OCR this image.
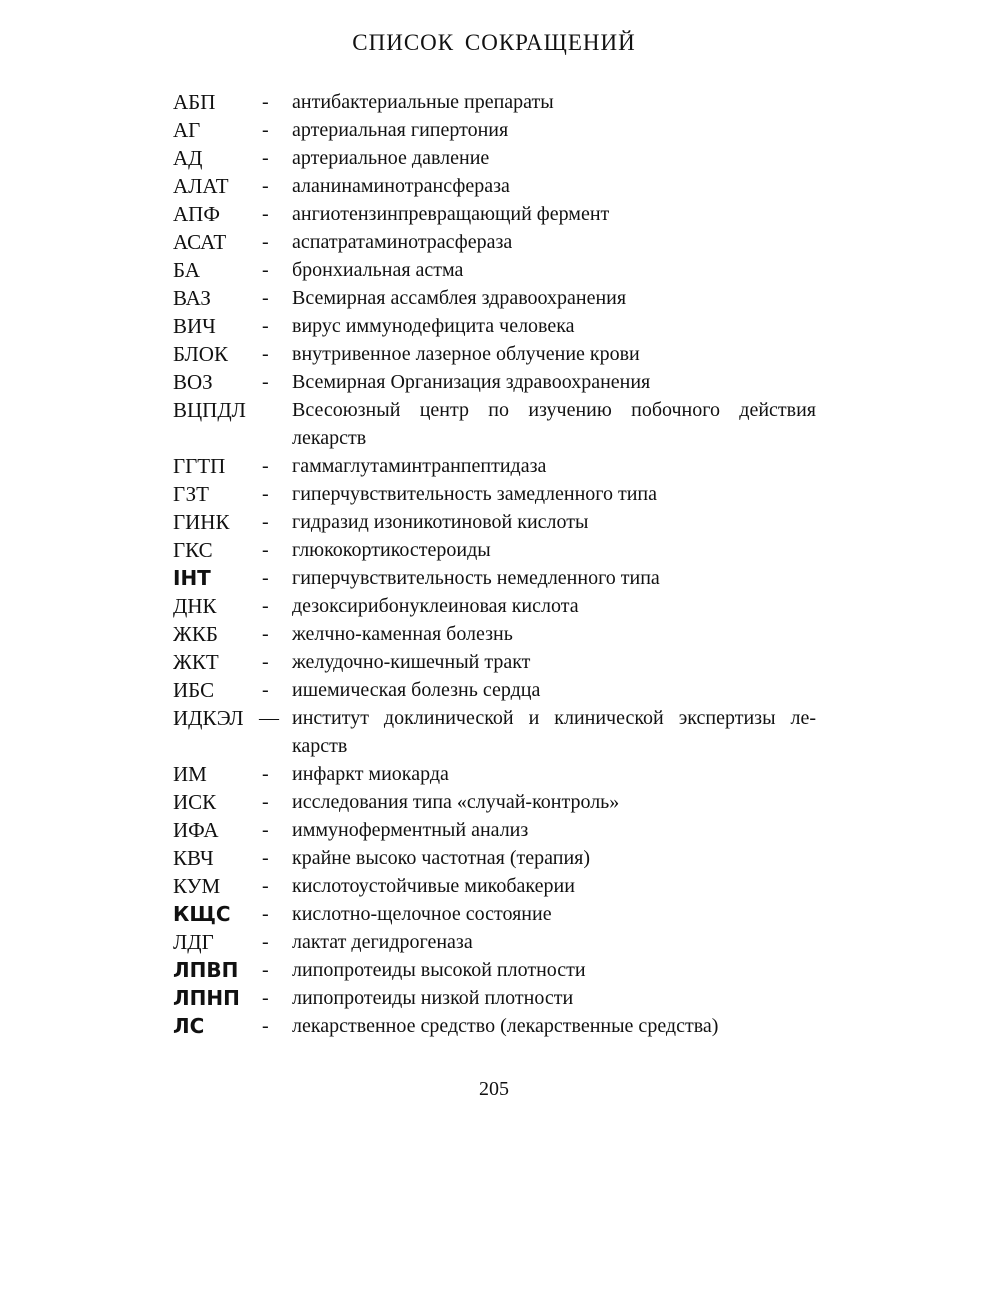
СПИСОК СОКРАЩЕНИЙ
АБП	- антибактериальные препараты
АГ	- артериальная гипертония
АД	- артериальное давление
АЛАТ	- аланинаминотрансфераза
АПФ	- ангиотензинпревращающий фермент
АСАТ	- аспатратаминотрасфераза
БА	- бронхиальная астма
ВАЗ	- Всемирная ассамблея здравоохранения
ВИЧ	- вирус иммунодефицита человека
БЛОК	- внутривенное лазерное облучение крови
ВОЗ	- Всемирная Организация здравоохранения
ВЦПДЛ	Всесоюзный центр по изучению побочного действия
лекарств
ГГТП	- гаммаглутаминтранпептидаза
ГЗТ	- гиперчувствительность замедленного типа
ГИНК	- гидразид изоникотиновой кислоты
ГКС	- глюкокортикостероиды
IНТ	- гиперчувствительность немедленного типа
ДНК	- дезоксирибонуклеиновая кислота
ЖКБ	- желчно-каменная болезнь
ЖКТ	- желудочно-кишечный тракт
ИБС	- ишемическая болезнь сердца
ИДКЭЛ — институт доклинической и клинической экспертизы ле-
карств
ИМ	- инфаркт миокарда
ИСК	- исследования типа «случай-контроль»
ИФА	- иммуноферментный анализ
КВЧ	- крайне высоко частотная (терапия)
КУМ	- кислотоустойчивые микобакерии
КЩС	- кислотно-щелочное состояние
ЛДГ	- лактат дегидрогеназа
ЛПВП	- липопротеиды высокой плотности
ЛПНП	- липопротеиды низкой плотности
ЛС	- лекарственное средство (лекарственные средства)
205
